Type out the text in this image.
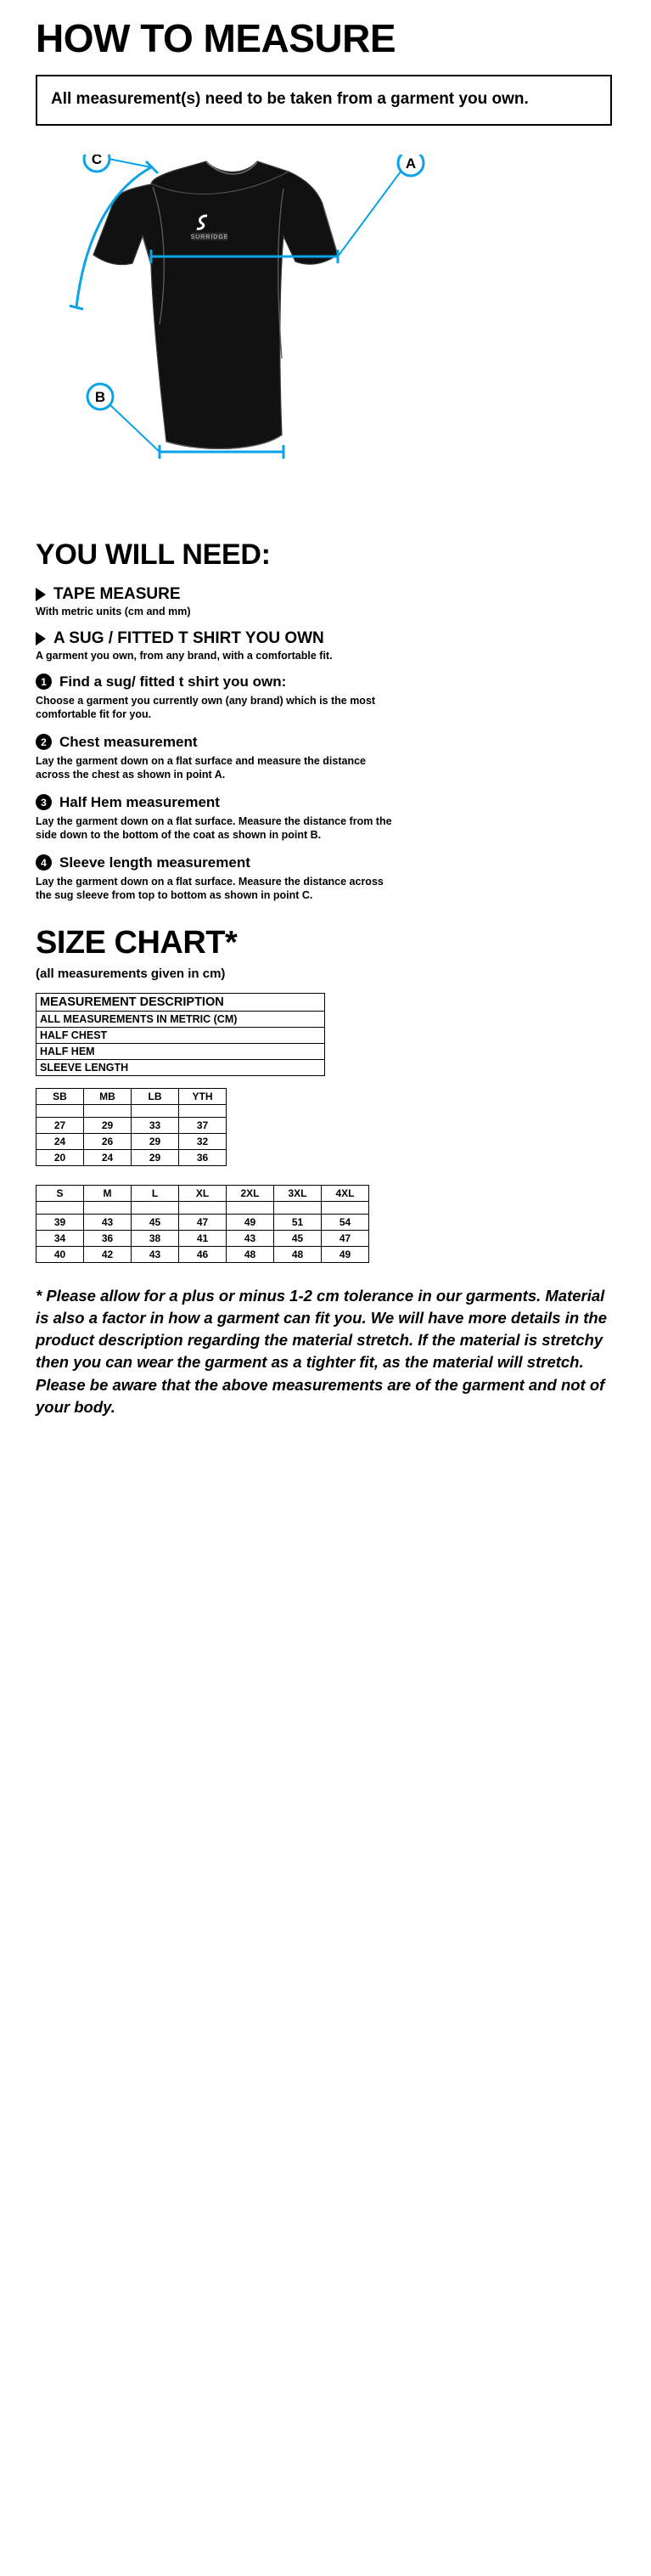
HOW TO MEASURE

All measurement(s) need to be taken from a garment you own.

SURRIDGE
A
B
C
YOU WILL NEED:
TAPE MEASURE

With metric units (cm and mm)

A SUG / FITTED T SHIRT YOU OWN

A garment you own, from any brand, with a comfortable fit.

1 Find a sug/ fitted t shirt you own:

Choose a garment you currently own (any brand) which is the most comfortable fit for you.

2 Chest measurement

Lay the garment down on a flat surface and measure the distance across the chest as shown in point A.

3 Half Hem measurement

Lay the garment down on a flat surface. Measure the distance from the side down to the bottom of the coat as shown in point B.

4 Sleeve length measurement

Lay the garment down on a flat surface. Measure the distance across the sug sleeve from top to bottom as shown in point C.

SIZE CHART*

(all measurements given in cm)

MEASUREMENT DESCRIPTION
ALL MEASUREMENTS IN METRIC (CM)
HALF CHEST
HALF HEM
SLEEVE LENGTH
SB	MB	LB	YTH

27	29	33	37
24	26	29	32
20	24	29	36
S	M	L	XL	2XL	3XL	4XL

39	43	45	47	49	51	54
34	36	38	41	43	45	47
40	42	43	46	48	48	49

* Please allow for a plus or minus 1-2 cm tolerance in our garments. Material is also a factor in how a garment can fit you. We will have more details in the product description regarding the material stretch. If the material is stretchy then you can wear the garment as a tighter fit, as the material will stretch. Please be aware that the above measurements are of the garment and not of your body.
